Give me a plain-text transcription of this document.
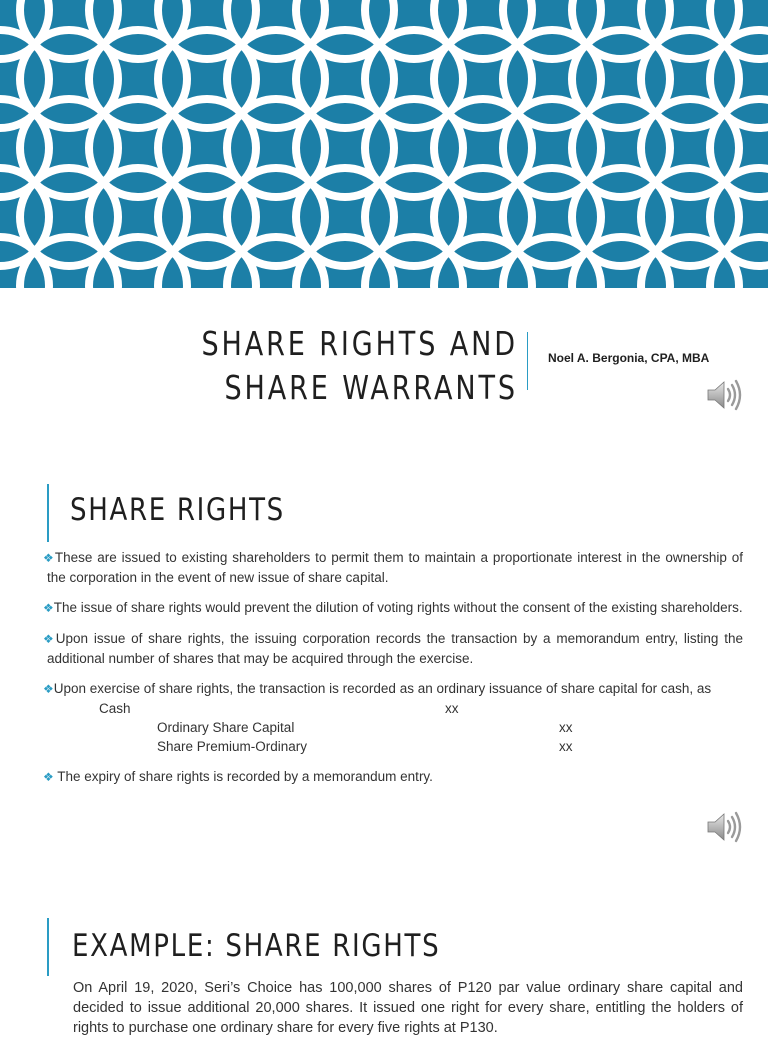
SHARE RIGHTS AND
SHARE WARRANTS
Noel A. Bergonia, CPA, MBA
SHARE RIGHTS

❖These are issued to existing shareholders to permit them to maintain a proportionate interest in the ownership of the corporation in the event of new issue of share capital.

❖The issue of share rights would prevent the dilution of voting rights without the consent of the existing shareholders.

❖Upon issue of share rights, the issuing corporation records the transaction by a memorandum entry, listing the additional number of shares that may be acquired through the exercise.

❖Upon exercise of share rights, the transaction is recorded as an ordinary issuance of share capital for cash, as

Cash	xx
Ordinary Share Capital	xx
Share Premium-Ordinary	xx

❖ The expiry of share rights is recorded by a memorandum entry.

EXAMPLE: SHARE RIGHTS
On April 19, 2020, Seri’s Choice has 100,000 shares of P120 par value ordinary share capital and decided to issue additional 20,000 shares. It issued one right for every share, entitling the holders of rights to purchase one ordinary share for every five rights at P130.
